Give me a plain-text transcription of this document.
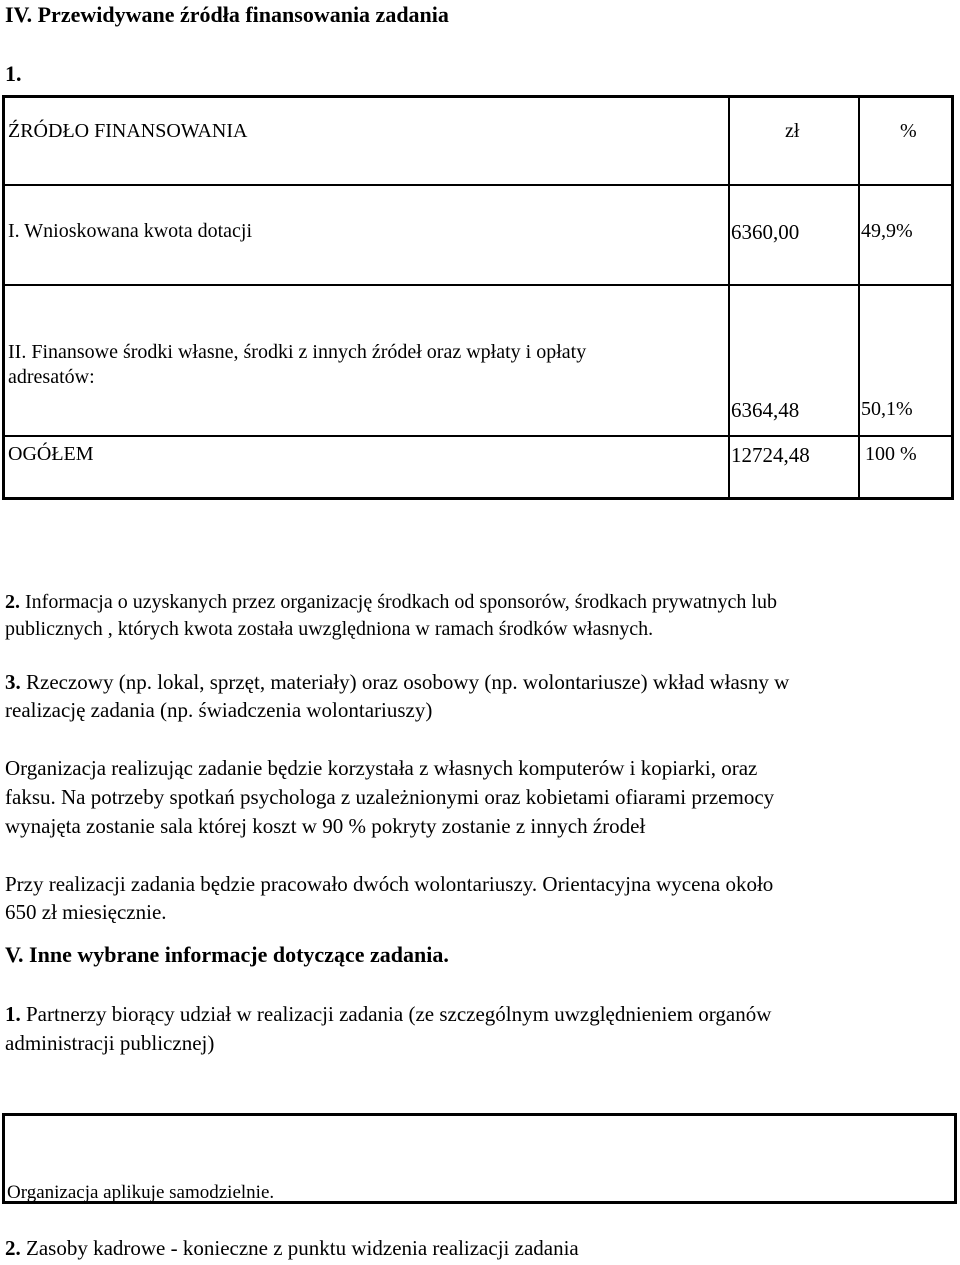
IV. Przewidywane źródła finansowania zadania
1.
ŹRÓDŁO FINANSOWANIA	zł	%
I. Wnioskowana kwota dotacji	6360,00	49,9%
II. Finansowe środki własne, środki z innych źródeł oraz wpłaty i opłaty
adresatów:
6364,48	50,1%
OGÓŁEM	12724,48	100 %
2. Informacja o uzyskanych przez organizację środkach od sponsorów, środkach prywatnych lub
publicznych , których kwota została uwzględniona w ramach środków własnych.
3. Rzeczowy (np. lokal, sprzęt, materiały) oraz osobowy (np. wolontariusze) wkład własny w
realizację zadania (np. świadczenia wolontariuszy)
Organizacja realizując zadanie będzie korzystała z własnych komputerów i kopiarki, oraz
faksu. Na potrzeby spotkań psychologa z uzależnionymi oraz kobietami ofiarami przemocy
wynajęta zostanie sala której koszt w 90 % pokryty zostanie z innych źrodeł
Przy realizacji zadania będzie pracowało dwóch wolontariuszy. Orientacyjna wycena około
650 zł miesięcznie.
V. Inne wybrane informacje dotyczące zadania.
1. Partnerzy biorący udział w realizacji zadania (ze szczególnym uwzględnieniem organów
administracji publicznej)
Organizacja aplikuje samodzielnie.
2. Zasoby kadrowe - konieczne z punktu widzenia realizacji zadania
